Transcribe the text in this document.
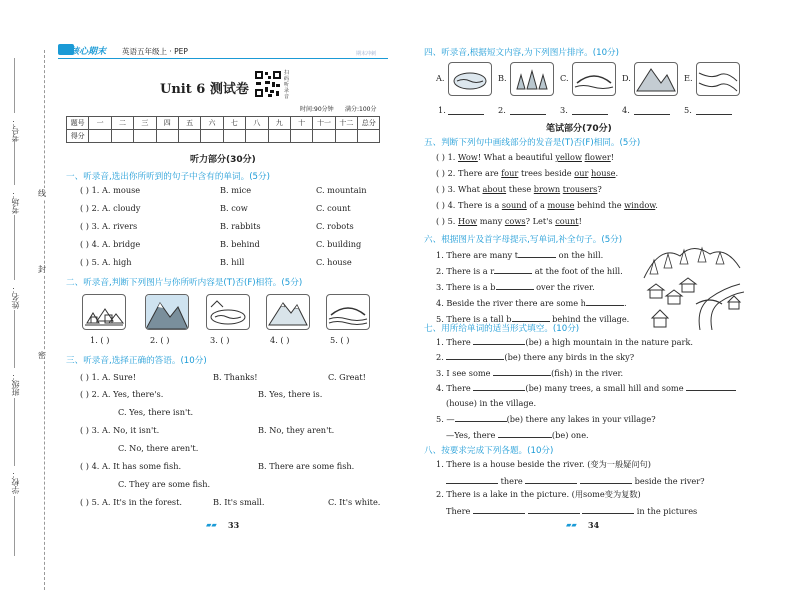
考号：
考场：
姓名：
班级：
学校：
线
封
密
核心期末 英语五年级上 · PEP	期末冲刺
Unit 6 测试卷
扫码听录音
时间:90分钟 满分:100分
题号	一	二	三	四	五	六	七	八	九	十	十一	十二	总分
得分													
听力部分(30分)
一、听录音,选出你所听到的句子中含有的单词。(5分)
( ) 1. A. mouse	B. mice	C. mountain
( ) 2. A. cloudy	B. cow	C. count
( ) 3. A. rivers	B. rabbits	C. robots
( ) 4. A. bridge	B. behind	C. building
( ) 5. A. high	B. hill	C. house
二、听录音,判断下列图片与你所听内容是(T)否(F)相符。(5分)
1. ( )	2. ( )	3. ( )	4. ( )	5. ( )
三、听录音,选择正确的答语。(10分)
( ) 1. A. Sure!	B. Thanks!	C. Great!
( ) 2. A. Yes, there's.	B. Yes, there is.
C. Yes, there isn't.
( ) 3. A. No, it isn't.	B. No, they aren't.
C. No, there aren't.
( ) 4. A. It has some fish.	B. There are some fish.
C. They are some fish.
( ) 5. A. It's in the forest.	B. It's small.	C. It's white.
▰▰	33
四、听录音,根据短文内容,为下列图片排序。(10分)
A.	B.	C.	D.	E.
1.	2.	3.	4.	5.
笔试部分(70分)
五、判断下列句中画线部分的发音是(T)否(F)相同。(5分)
( ) 1. Wow! What a beautiful yellow flower!
( ) 2. There are four trees beside our house.
( ) 3. What about these brown trousers?
( ) 4. There is a sound of a mouse behind the window.
( ) 5. How many cows? Let's count!
六、根据图片及首字母提示,写单词,补全句子。(5分)
1. There are many t	on the hill.
2. There is a r	at the foot of the hill.
3. There is a b	over the river.
4. Beside the river there are some h	.
5. There is a tall b	behind the village.
七、用所给单词的适当形式填空。(10分)
1. There	(be) a high mountain in the nature park.
2.	(be) there any birds in the sky?
3. I see some	(fish) in the river.
4. There	(be) many trees, a small hill and some
(house) in the village.
5. —	(be) there any lakes in your village?
—Yes, there	(be) one.
八、按要求完成下列各题。(10分)
1. There is a house beside the river. (变为一般疑问句)
there	beside the river?
2. There is a lake in the picture. (用some变为复数)
There	in the pictures
▰▰	34
